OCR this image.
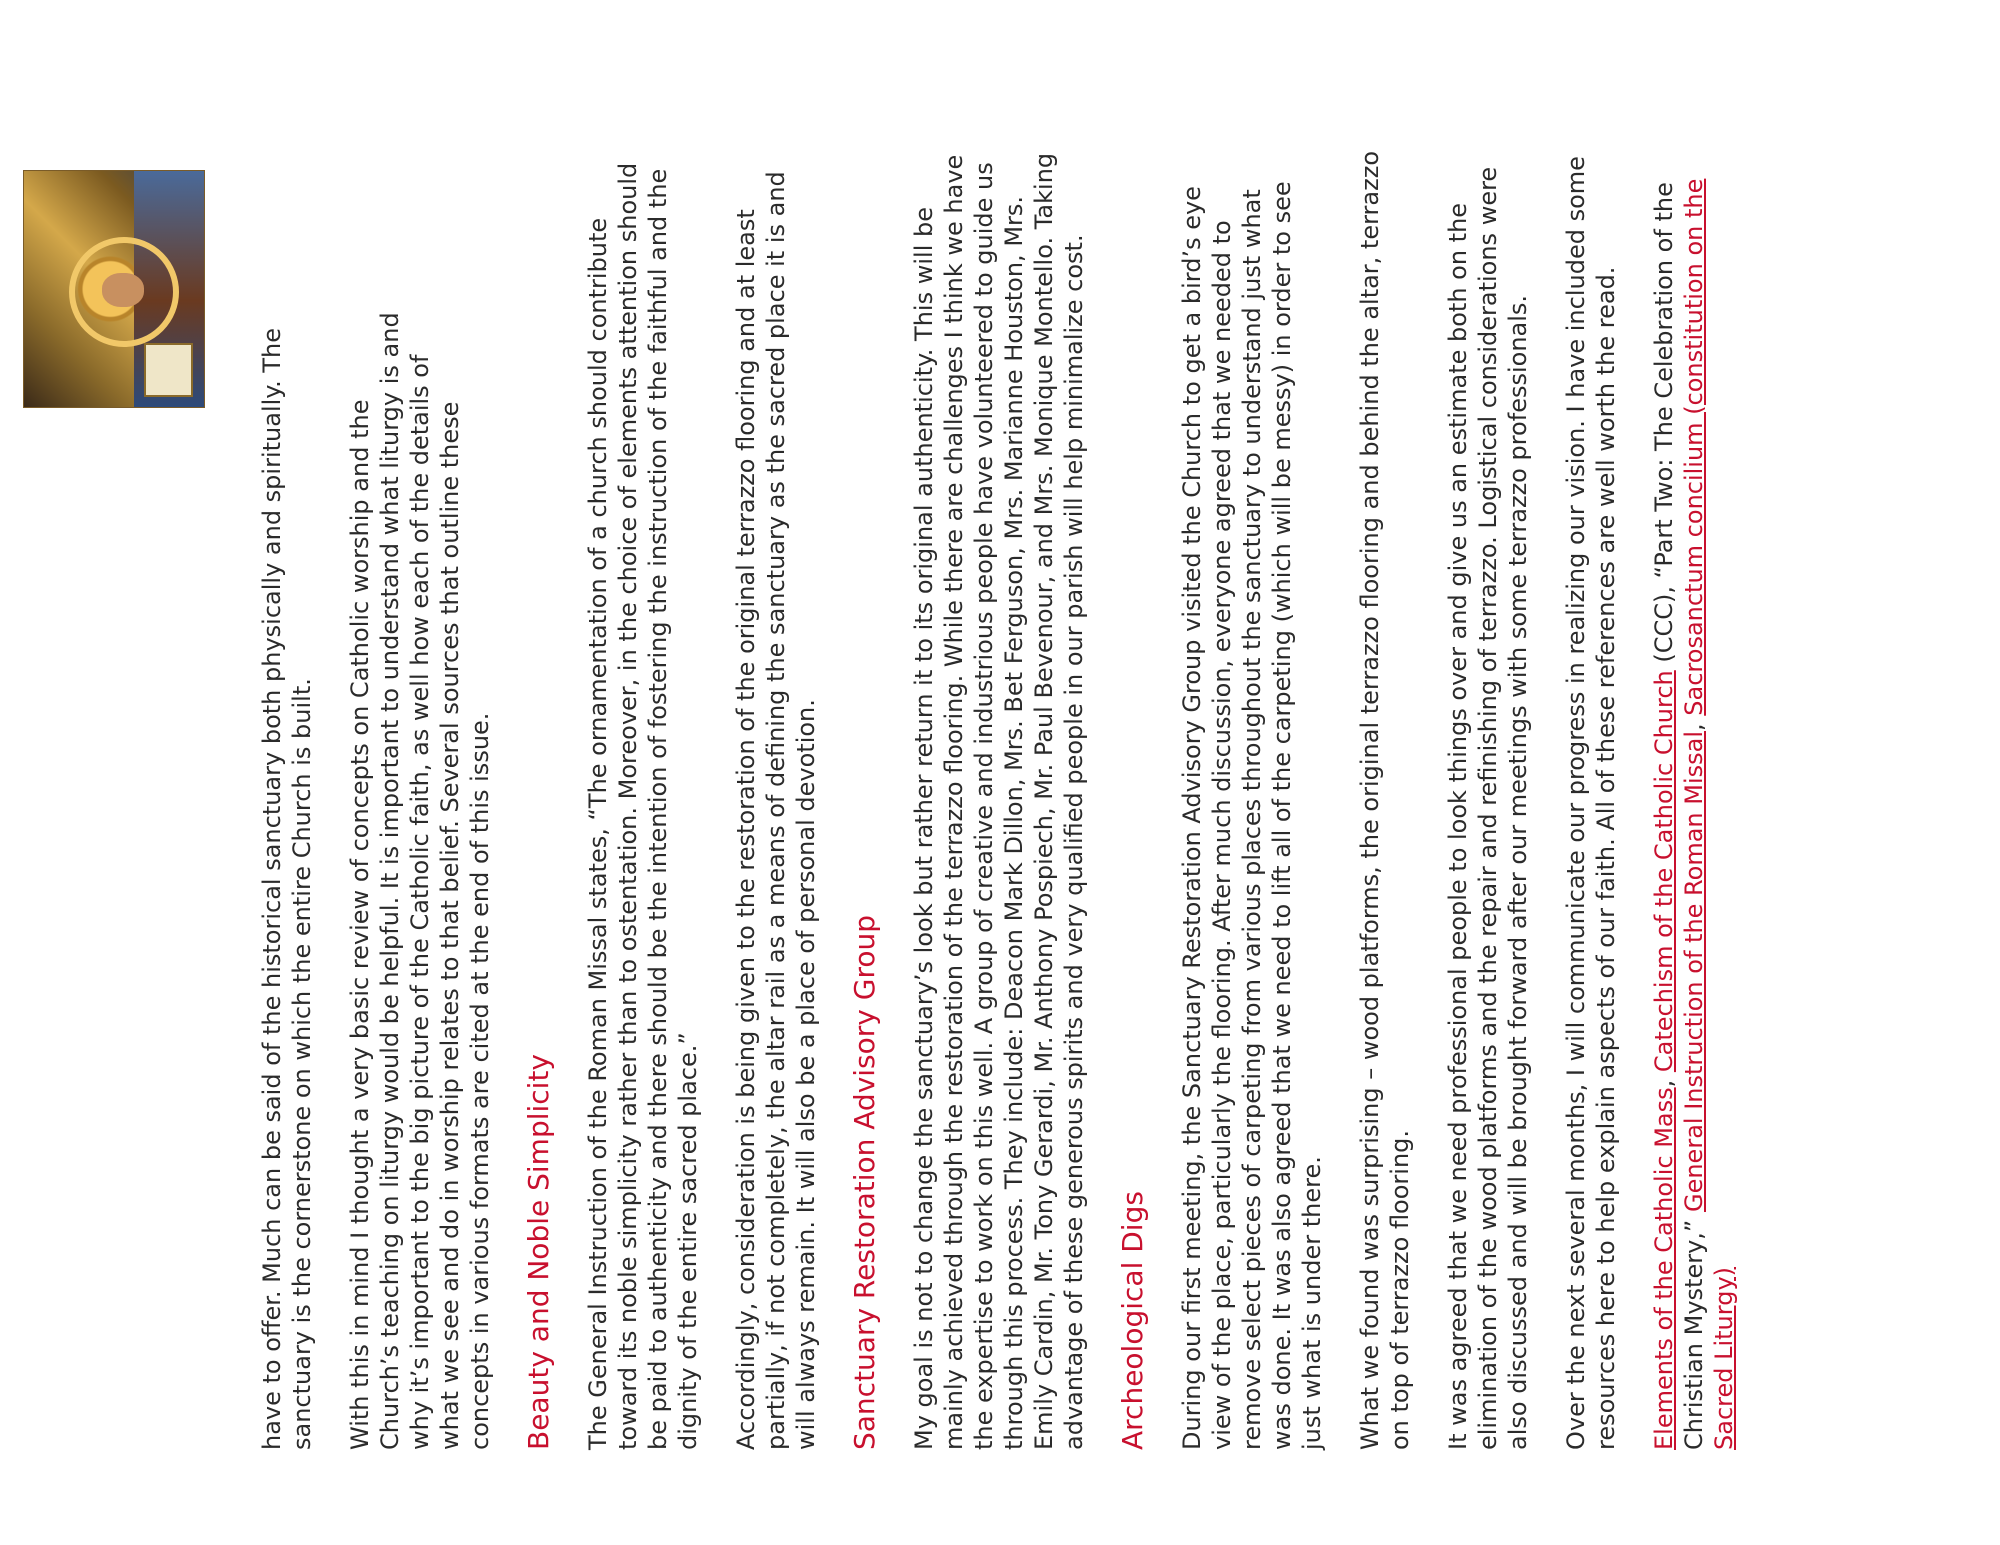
have to offer. Much can be said of the historical sanctuary both physically and spiritually. The sanctuary is the cornerstone on which the entire Church is built. With this in mind I thought a very basic review of concepts on Catholic worship and the Church’s teaching on liturgy would be helpful. It is important to understand what liturgy is and why it’s important to the big picture of the Catholic faith, as well how each of the details of what we see and do in worship relates to that belief. Several sources that outline these concepts in various formats are cited at the end of this issue. Beauty and Noble Simplicity The General Instruction of the Roman Missal states, “The ornamentation of a church should contribute toward its noble simplicity rather than to ostentation. Moreover, in the choice of elements attention should be paid to authenticity and there should be the intention of fostering the instruction of the faithful and the dignity of the entire sacred place.” Accordingly, consideration is being given to the restoration of the original terrazzo flooring and at least partially, if not completely, the altar rail as a means of defining the sanctuary as the sacred place it is and will always remain. It will also be a place of personal devotion. Sanctuary Restoration Advisory Group My goal is not to change the sanctuary’s look but rather return it to its original authenticity. This will be mainly achieved through the restoration of the terrazzo flooring. While there are challenges I think we have the expertise to work on this well. A group of creative and industrious people have volunteered to guide us through this process. They include: Deacon Mark Dillon, Mrs. Bet Ferguson, Mrs. Marianne Houston, Mrs. Emily Cardin, Mr. Tony Gerardi, Mr. Anthony Pospiech, Mr. Paul Bevenour, and Mrs. Monique Montello. Taking advantage of these generous spirits and very qualified people in our parish will help minimalize cost. Archeological Digs During our first meeting, the Sanctuary Restoration Advisory Group visited the Church to get a bird’s eye view of the place, particularly the flooring. After much discussion, everyone agreed that we needed to remove select pieces of carpeting from various places throughout the sanctuary to understand just what was done. It was also agreed that we need to lift all of the carpeting (which will be messy) in order to see just what is under there. What we found was surprising – wood platforms, the original terrazzo flooring and behind the altar, terrazzo on top of terrazzo flooring. It was agreed that we need professional people to look things over and give us an estimate both on the elimination of the wood platforms and the repair and refinishing of terrazzo. Logistical considerations were also discussed and will be brought forward after our meetings with some terrazzo professionals. Over the next several months, I will communicate our progress in realizing our vision. I have included some resources here to help explain aspects of our faith. All of these references are well worth the read. Elements of the Catholic Mass, Catechism of the Catholic Church (CCC), “Part Two: The Celebration of the Christian Mystery,” General Instruction of the Roman Missal, Sacrosanctum concilium (constitution on the Sacred Liturgy)
